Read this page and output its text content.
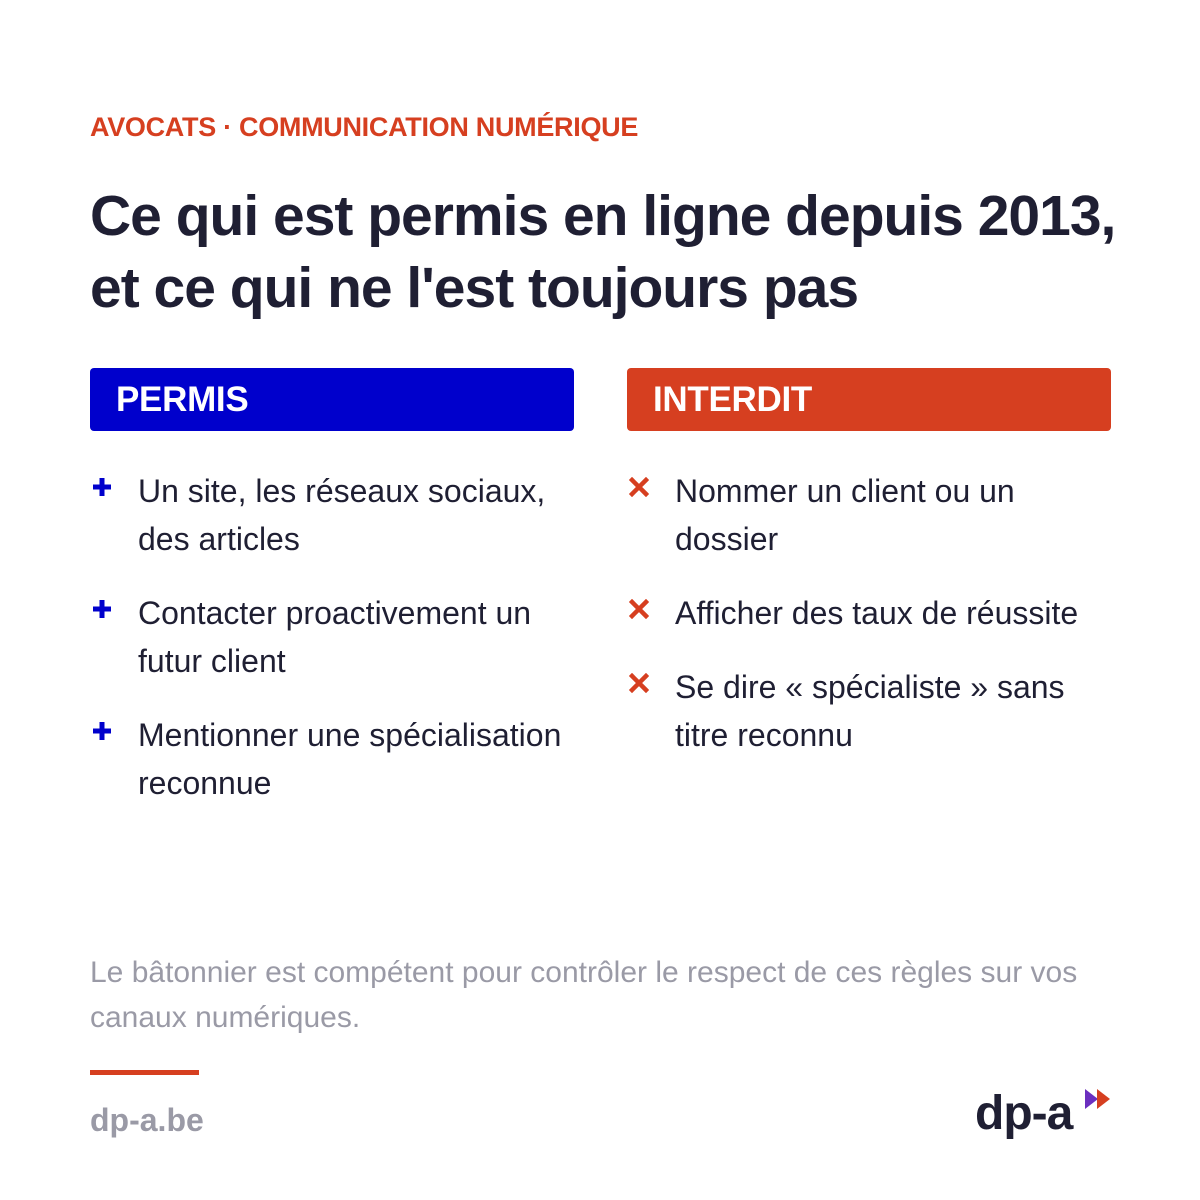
AVOCATS · COMMUNICATION NUMÉRIQUE
Ce qui est permis en ligne depuis 2013, et ce qui ne l'est toujours pas
PERMIS
Un site, les réseaux sociaux, des articles
Contacter proactivement un futur client
Mentionner une spécialisation reconnue
INTERDIT
Nommer un client ou un dossier
Afficher des taux de réussite
Se dire « spécialiste » sans titre reconnu
Le bâtonnier est compétent pour contrôler le respect de ces règles sur vos canaux numériques.
dp-a.be	dp-a
